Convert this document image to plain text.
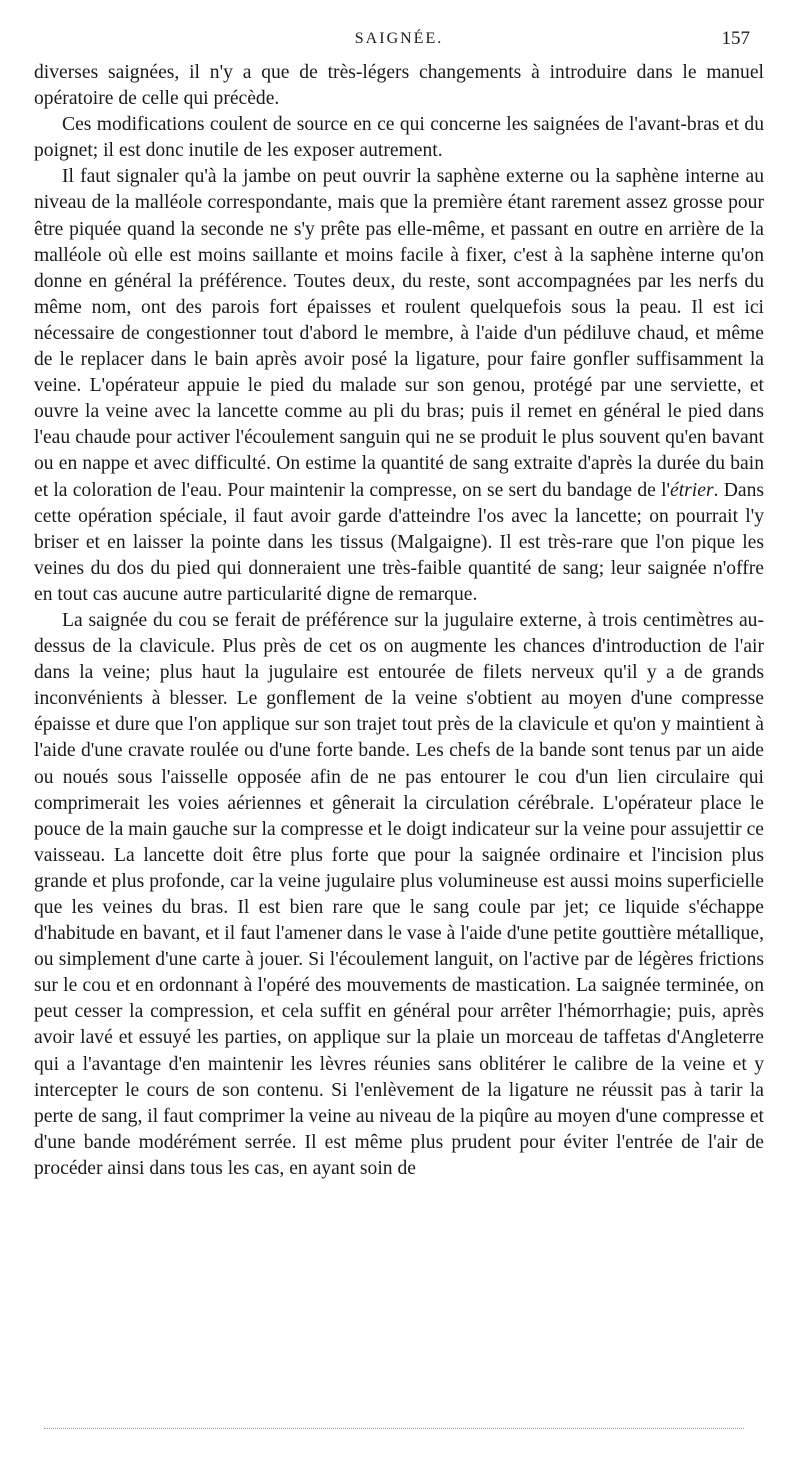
SAIGNÉE.	157

diverses saignées, il n'y a que de très-légers changements à introduire dans le manuel opératoire de celle qui précède.

Ces modifications coulent de source en ce qui concerne les saignées de l'avant-bras et du poignet; il est donc inutile de les exposer autrement.

Il faut signaler qu'à la jambe on peut ouvrir la saphène externe ou la saphène interne au niveau de la malléole correspondante, mais que la première étant rarement assez grosse pour être piquée quand la seconde ne s'y prête pas elle-même, et passant en outre en arrière de la malléole où elle est moins saillante et moins facile à fixer, c'est à la saphène interne qu'on donne en général la préférence. Toutes deux, du reste, sont accompagnées par les nerfs du même nom, ont des parois fort épaisses et roulent quelquefois sous la peau. Il est ici nécessaire de congestionner tout d'abord le membre, à l'aide d'un pédiluve chaud, et même de le replacer dans le bain après avoir posé la ligature, pour faire gonfler suffisamment la veine. L'opérateur appuie le pied du malade sur son genou, protégé par une serviette, et ouvre la veine avec la lancette comme au pli du bras; puis il remet en général le pied dans l'eau chaude pour activer l'écoulement sanguin qui ne se produit le plus souvent qu'en bavant ou en nappe et avec difficulté. On estime la quantité de sang extraite d'après la durée du bain et la coloration de l'eau. Pour maintenir la compresse, on se sert du bandage de l'étrier. Dans cette opération spéciale, il faut avoir garde d'atteindre l'os avec la lancette; on pourrait l'y briser et en laisser la pointe dans les tissus (Malgaigne). Il est très-rare que l'on pique les veines du dos du pied qui donneraient une très-faible quantité de sang; leur saignée n'offre en tout cas aucune autre particularité digne de remarque.

La saignée du cou se ferait de préférence sur la jugulaire externe, à trois centimètres au-dessus de la clavicule. Plus près de cet os on augmente les chances d'introduction de l'air dans la veine; plus haut la jugulaire est entourée de filets nerveux qu'il y a de grands inconvénients à blesser. Le gonflement de la veine s'obtient au moyen d'une compresse épaisse et dure que l'on applique sur son trajet tout près de la clavicule et qu'on y maintient à l'aide d'une cravate roulée ou d'une forte bande. Les chefs de la bande sont tenus par un aide ou noués sous l'aisselle opposée afin de ne pas entourer le cou d'un lien circulaire qui comprimerait les voies aériennes et gênerait la circulation cérébrale. L'opérateur place le pouce de la main gauche sur la compresse et le doigt indicateur sur la veine pour assujettir ce vaisseau. La lancette doit être plus forte que pour la saignée ordinaire et l'incision plus grande et plus profonde, car la veine jugulaire plus volumineuse est aussi moins superficielle que les veines du bras. Il est bien rare que le sang coule par jet; ce liquide s'échappe d'habitude en bavant, et il faut l'amener dans le vase à l'aide d'une petite gouttière métallique, ou simplement d'une carte à jouer. Si l'écoulement languit, on l'active par de légères frictions sur le cou et en ordonnant à l'opéré des mouvements de mastication. La saignée terminée, on peut cesser la compression, et cela suffit en général pour arrêter l'hémorrhagie; puis, après avoir lavé et essuyé les parties, on applique sur la plaie un morceau de taffetas d'Angleterre qui a l'avantage d'en maintenir les lèvres réunies sans oblitérer le calibre de la veine et y intercepter le cours de son contenu. Si l'enlèvement de la ligature ne réussit pas à tarir la perte de sang, il faut comprimer la veine au niveau de la piqûre au moyen d'une compresse et d'une bande modérément serrée. Il est même plus prudent pour éviter l'entrée de l'air de procéder ainsi dans tous les cas, en ayant soin de
